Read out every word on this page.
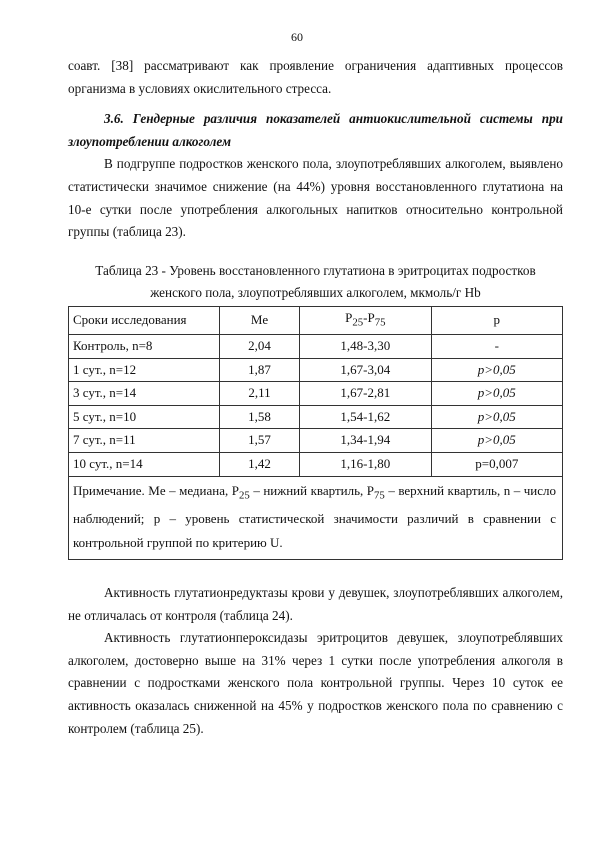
60

соавт. [38] рассматривают как проявление ограничения адаптивных процессов организма в условиях окислительного стресса.

3.6. Гендерные различия показателей антиокислительной системы при злоупотреблении алкоголем

В подгруппе подростков женского пола, злоупотреблявших алкоголем, выявлено статистически значимое снижение (на 44%) уровня восстановленного глутатиона на 10-е сутки после употребления алкогольных напитков относительно контрольной группы (таблица 23).

Таблица 23 - Уровень восстановленного глутатиона в эритроцитах подростков
женского пола, злоупотреблявших алкоголем, мкмоль/г Hb
Сроки исследования	Me	$P_{25}-P_{75}$	p
Контроль, n=8	2,04	1,48-3,30	-
1 сут., n=12	1,87	1,67-3,04	p>0,05
3 сут., n=14	2,11	1,67-2,81	p>0,05
5 сут., n=10	1,58	1,54-1,62	p>0,05
7 сут., n=11	1,57	1,34-1,94	p>0,05
10 сут., n=14	1,42	1,16-1,80	p=0,007
Примечание. Me – медиана, $P_{25}$ – нижний квартиль, $P_{75}$ – верхний квартиль, n – число наблюдений; p – уровень статистической значимости различий в сравнении с контрольной группой по критерию U.			

Активность глутатионредуктазы крови у девушек, злоупотреблявших алкоголем, не отличалась от контроля (таблица 24).

Активность глутатионпероксидазы эритроцитов девушек, злоупотреблявших алкоголем, достоверно выше на 31% через 1 сутки после употребления алкоголя в сравнении с подростками женского пола контрольной группы. Через 10 суток ее активность оказалась сниженной на 45% у подростков женского пола по сравнению с контролем (таблица 25).
